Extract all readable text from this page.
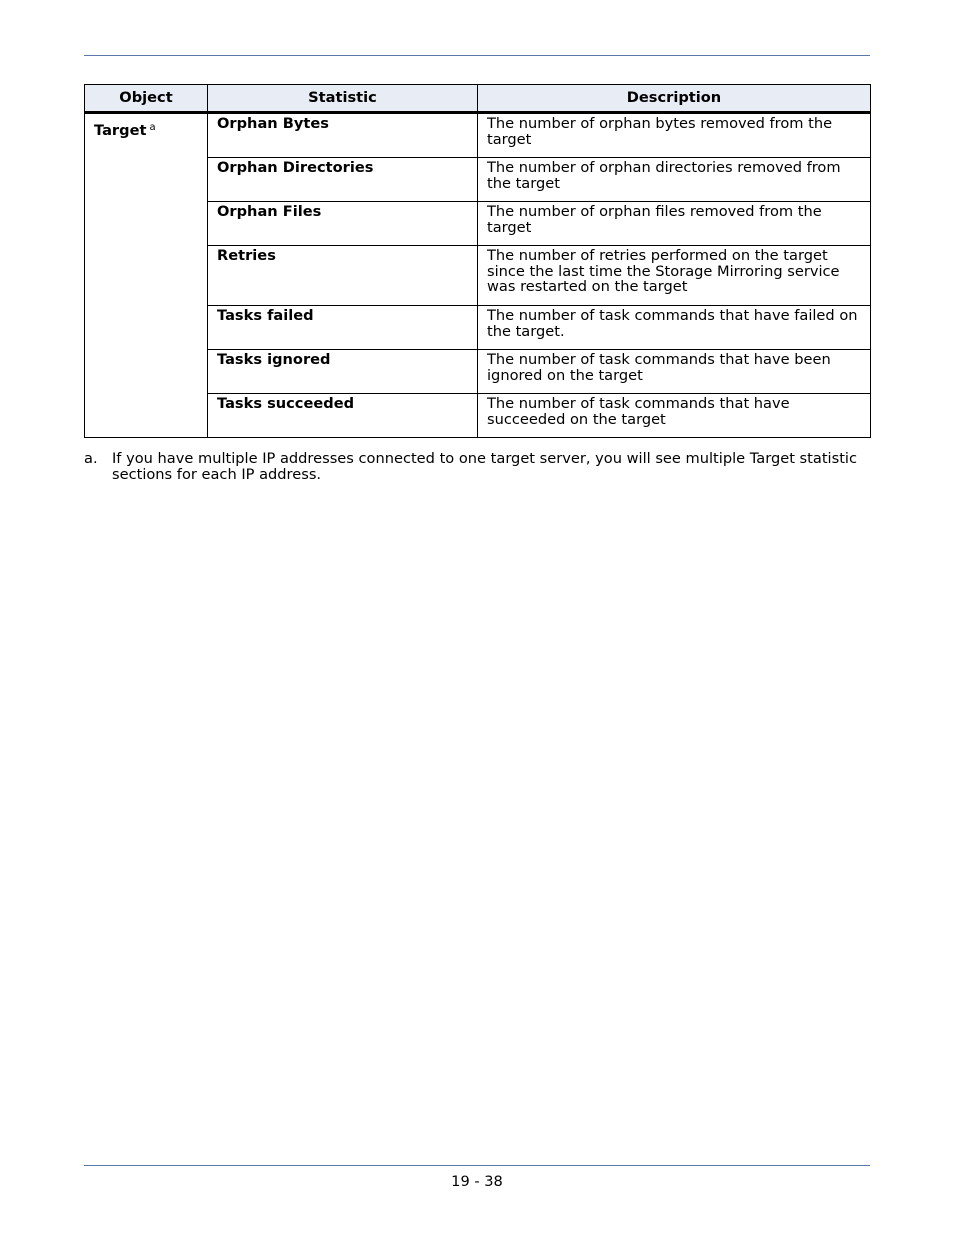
Object	Statistic	Description
Target $^a$	Orphan Bytes	The number of orphan bytes removed from the target
	Orphan Directories	The number of orphan directories removed from the target
	Orphan Files	The number of orphan files removed from the target
	Retries	The number of retries performed on the target since the last time the Storage Mirroring service was restarted on the target
	Tasks failed	The number of task commands that have failed on the target.
	Tasks ignored	The number of task commands that have been ignored on the target
	Tasks succeeded	The number of task commands that have succeeded on the target
a. If you have multiple IP addresses connected to one target server, you will see multiple Target statistic sections for each IP address.
19 - 38
